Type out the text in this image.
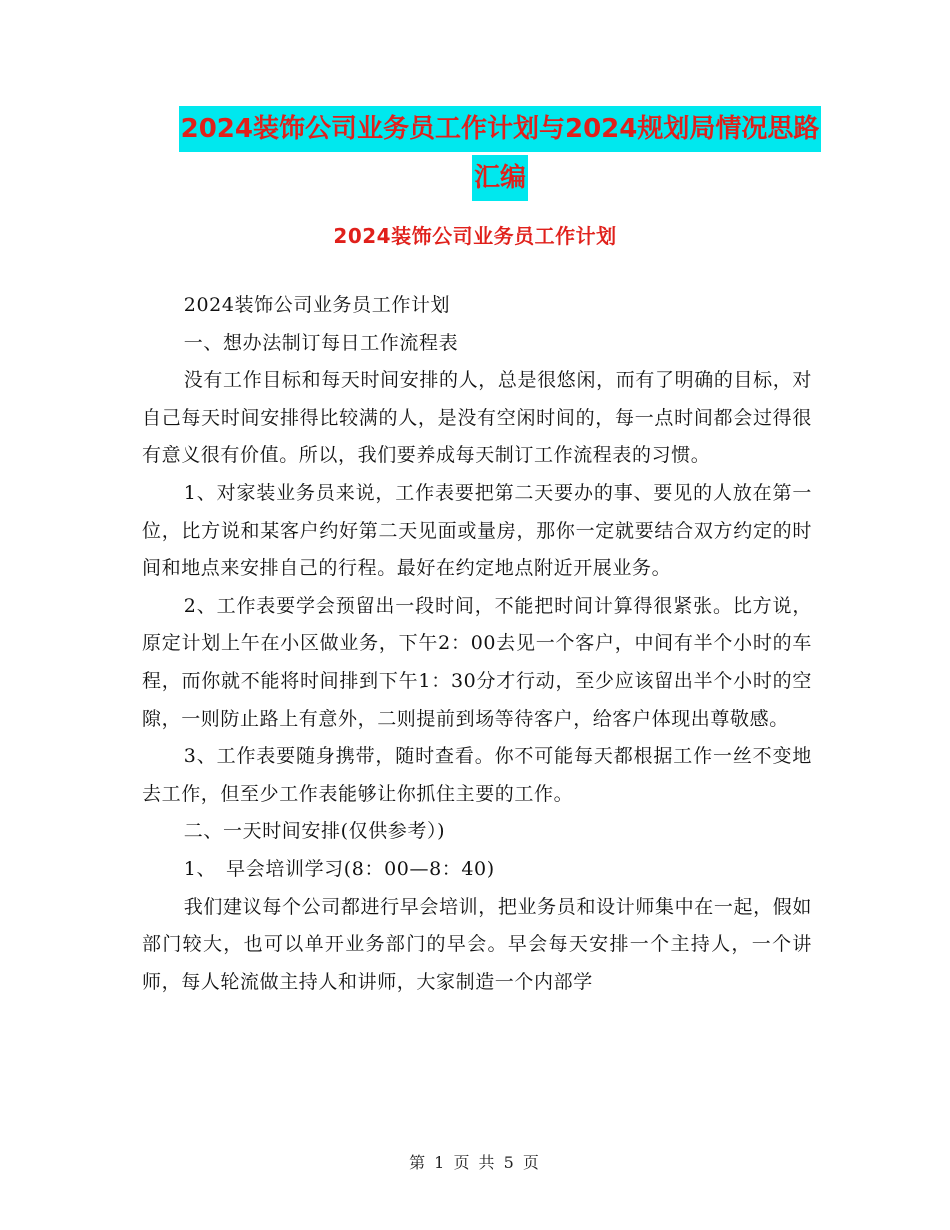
2024装饰公司业务员工作计划与2024规划局情况思路
汇编
2024装饰公司业务员工作计划

2024装饰公司业务员工作计划

一、想办法制订每日工作流程表

没有工作目标和每天时间安排的人，总是很悠闲，而有了明确的目标，对自己每天时间安排得比较满的人，是没有空闲时间的，每一点时间都会过得很有意义很有价值。所以，我们要养成每天制订工作流程表的习惯。

1、对家装业务员来说，工作表要把第二天要办的事、要见的人放在第一位，比方说和某客户约好第二天见面或量房，那你一定就要结合双方约定的时间和地点来安排自己的行程。最好在约定地点附近开展业务。

2、工作表要学会预留出一段时间，不能把时间计算得很紧张。比方说，原定计划上午在小区做业务，下午2：00去见一个客户，中间有半个小时的车程，而你就不能将时间排到下午1：30分才行动，至少应该留出半个小时的空隙，一则防止路上有意外，二则提前到场等待客户，给客户体现出尊敬感。

3、工作表要随身携带，随时查看。你不可能每天都根据工作一丝不变地去工作，但至少工作表能够让你抓住主要的工作。

二、一天时间安排(仅供参考）)

1、　早会培训学习(8：00—8：40)

我们建议每个公司都进行早会培训，把业务员和设计师集中在一起，假如部门较大，也可以单开业务部门的早会。早会每天安排一个主持人，一个讲师，每人轮流做主持人和讲师，大家制造一个内部学

第 1 页 共 5 页
